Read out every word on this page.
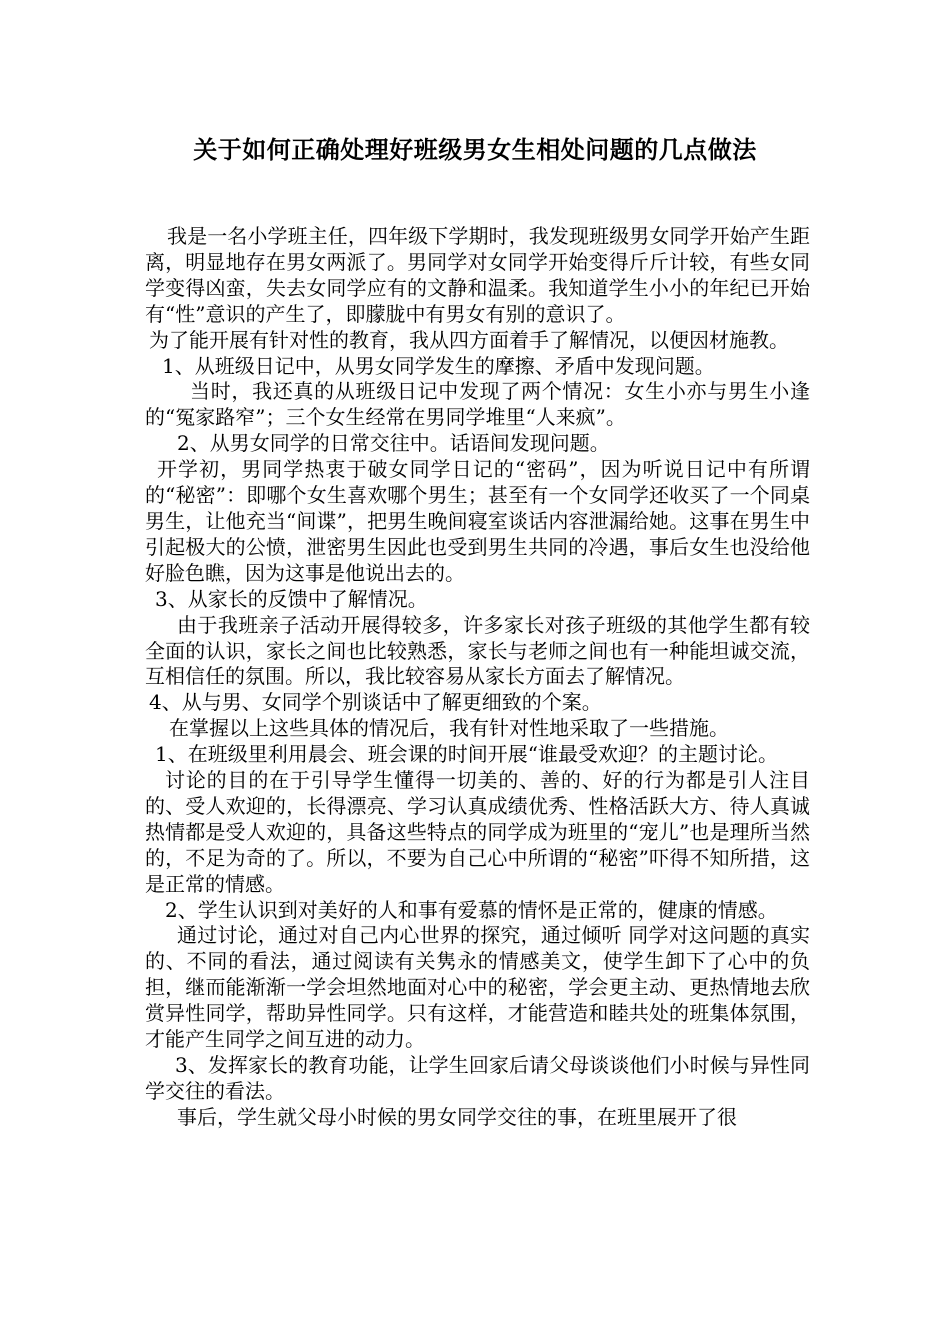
关于如何正确处理好班级男女生相处问题的几点做法

我是一名小学班主任，四年级下学期时，我发现班级男女同学开始产生距离，明显地存在男女两派了。男同学对女同学开始变得斤斤计较，有些女同学变得凶蛮，失去女同学应有的文静和温柔。我知道学生小小的年纪已开始有“性”意识的产生了，即朦胧中有男女有别的意识了。

为了能开展有针对性的教育，我从四方面着手了解情况，以便因材施教。

1、从班级日记中，从男女同学发生的摩擦、矛盾中发现问题。

当时，我还真的从班级日记中发现了两个情况：女生小亦与男生小逢的“冤家路窄”；三个女生经常在男同学堆里“人来疯”。

2、从男女同学的日常交往中。话语间发现问题。

开学初，男同学热衷于破女同学日记的“密码”，因为听说日记中有所谓的“秘密”：即哪个女生喜欢哪个男生；甚至有一个女同学还收买了一个同桌男生，让他充当“间谍”，把男生晚间寝室谈话内容泄漏给她。这事在男生中引起极大的公愤，泄密男生因此也受到男生共同的冷遇，事后女生也没给他好脸色瞧，因为这事是他说出去的。

3、从家长的反馈中了解情况。

由于我班亲子活动开展得较多，许多家长对孩子班级的其他学生都有较全面的认识，家长之间也比较熟悉，家长与老师之间也有一种能坦诚交流，互相信任的氛围。所以，我比较容易从家长方面去了解情况。

4、从与男、女同学个别谈话中了解更细致的个案。

在掌握以上这些具体的情况后，我有针对性地采取了一些措施。

1、在班级里利用晨会、班会课的时间开展“谁最受欢迎？的主题讨论。

讨论的目的在于引导学生懂得一切美的、善的、好的行为都是引人注目的、受人欢迎的，长得漂亮、学习认真成绩优秀、性格活跃大方、待人真诚热情都是受人欢迎的，具备这些特点的同学成为班里的“宠儿”也是理所当然的，不足为奇的了。所以，不要为自己心中所谓的“秘密”吓得不知所措，这是正常的情感。

2、学生认识到对美好的人和事有爱慕的情怀是正常的，健康的情感。

通过讨论，通过对自己内心世界的探究，通过倾听 同学对这问题的真实的、不同的看法，通过阅读有关隽永的情感美文，使学生卸下了心中的负担，继而能渐渐一学会坦然地面对心中的秘密，学会更主动、更热情地去欣赏异性同学，帮助异性同学。只有这样，才能营造和睦共处的班集体氛围，才能产生同学之间互进的动力。

3、发挥家长的教育功能，让学生回家后请父母谈谈他们小时候与异性同学交往的看法。

事后，学生就父母小时候的男女同学交往的事，在班里展开了很
